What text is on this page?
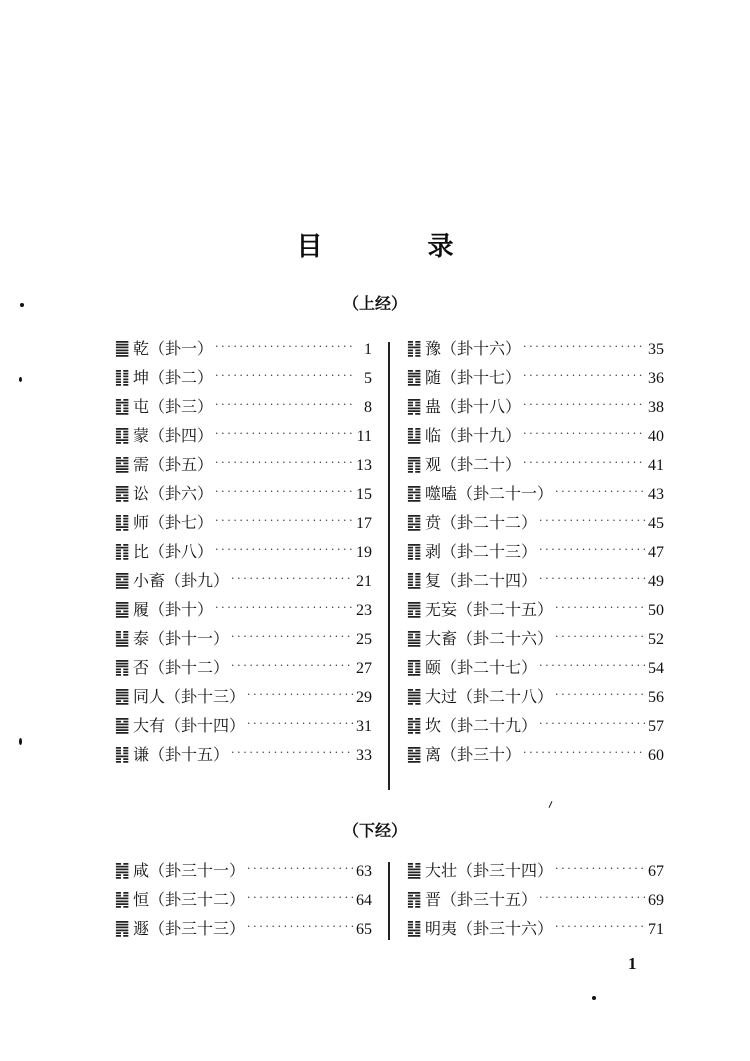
目 录
（上经）
䷀ 乾 （卦一） ·····	1
䷁ 坤 （卦二） ·····	5
䷂ 屯 （卦三） ·····	8
䷃ 蒙 （卦四） ·····	11
䷄ 需 （卦五） ·····	13
䷅ 讼 （卦六） ·····	15
䷆ 师 （卦七） ·····	17
䷇ 比 （卦八） ·····	19
䷈ 小畜 （卦九） ·····	21
䷉ 履 （卦十） ·····	23
䷊ 泰 （卦十一） ·····	25
䷋ 否 （卦十二） ·····	27
䷌ 同人 （卦十三） ·····	29
䷍ 大有 （卦十四） ·····	31
䷎ 谦 （卦十五） ·····	33
䷏ 豫 （卦十六） ·····	35
䷐ 随 （卦十七） ·····	36
䷑ 蛊 （卦十八） ·····	38
䷒ 临 （卦十九） ·····	40
䷓ 观 （卦二十） ·····	41
䷔ 噬嗑 （卦二十一） ·····	43
䷕ 贲 （卦二十二） ·····	45
䷖ 剥 （卦二十三） ·····	47
䷗ 复 （卦二十四） ·····	49
䷘ 无妄 （卦二十五） ·····	50
䷙ 大畜 （卦二十六） ·····	52
䷚ 颐 （卦二十七） ·····	54
䷛ 大过 （卦二十八） ·····	56
䷜ 坎 （卦二十九） ·····	57
䷝ 离 （卦三十） ·····	60
（下经）
䷞ 咸 （卦三十一） ·····	63
䷟ 恒 （卦三十二） ·····	64
䷠ 遯 （卦三十三） ·····	65
䷡ 大壮 （卦三十四） ·····	67
䷢ 晋 （卦三十五） ·····	69
䷣ 明夷 （卦三十六） ·····	71
1
